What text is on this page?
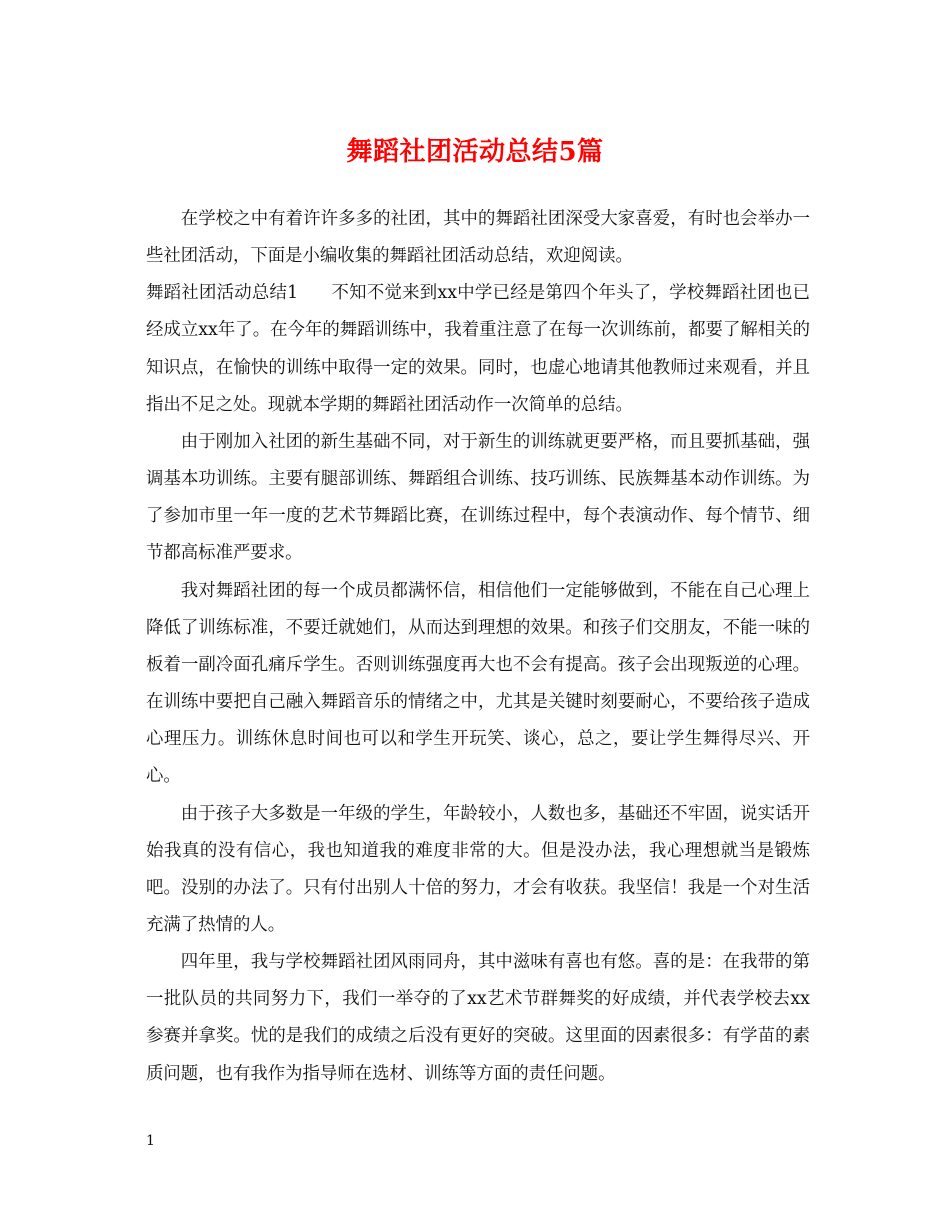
舞蹈社团活动总结5篇

在学校之中有着许许多多的社团，其中的舞蹈社团深受大家喜爱，有时也会举办一些社团活动，下面是小编收集的舞蹈社团活动总结，欢迎阅读。

舞蹈社团活动总结1 不知不觉来到xx中学已经是第四个年头了，学校舞蹈社团也已经成立xx年了。在今年的舞蹈训练中，我着重注意了在每一次训练前，都要了解相关的知识点，在愉快的训练中取得一定的效果。同时，也虚心地请其他教师过来观看，并且指出不足之处。现就本学期的舞蹈社团活动作一次简单的总结。

由于刚加入社团的新生基础不同，对于新生的训练就更要严格，而且要抓基础，强调基本功训练。主要有腿部训练、舞蹈组合训练、技巧训练、民族舞基本动作训练。为了参加市里一年一度的艺术节舞蹈比赛，在训练过程中，每个表演动作、每个情节、细节都高标准严要求。

我对舞蹈社团的每一个成员都满怀信，相信他们一定能够做到，不能在自己心理上降低了训练标准，不要迁就她们，从而达到理想的效果。和孩子们交朋友，不能一味的板着一副冷面孔痛斥学生。否则训练强度再大也不会有提高。孩子会出现叛逆的心理。在训练中要把自己融入舞蹈音乐的情绪之中，尤其是关键时刻要耐心，不要给孩子造成心理压力。训练休息时间也可以和学生开玩笑、谈心，总之，要让学生舞得尽兴、开心。

由于孩子大多数是一年级的学生，年龄较小，人数也多，基础还不牢固，说实话开始我真的没有信心，我也知道我的难度非常的大。但是没办法，我心理想就当是锻炼吧。没别的办法了。只有付出别人十倍的努力，才会有收获。我坚信！我是一个对生活充满了热情的人。

四年里，我与学校舞蹈社团风雨同舟，其中滋味有喜也有悠。喜的是：在我带的第一批队员的共同努力下，我们一举夺的了xx艺术节群舞奖的好成绩，并代表学校去xx参赛并拿奖。忧的是我们的成绩之后没有更好的突破。这里面的因素很多：有学苗的素质问题，也有我作为指导师在选材、训练等方面的责任问题。

1
